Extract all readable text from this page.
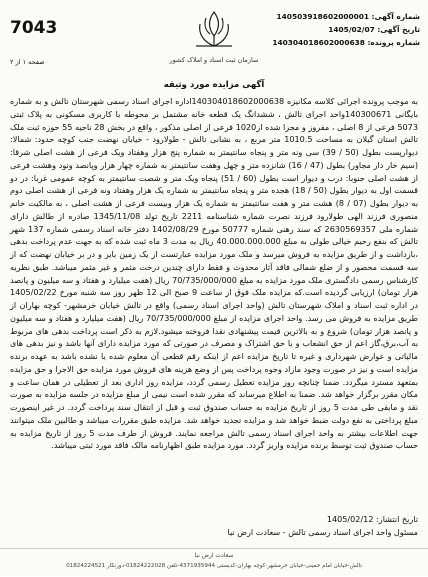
7043
صفحه ۱ از ۲	سازمان ثبت اسناد و املاک کشور
شماره آگهی: 140503918602000001
تاریخ آگهی: 1405/02/07
شماره پرونده: 140304018602000638
آگهی مزایده مورد وثیقه
به موجب پرونده اجرائی کلاسه مکانیزه 140304018602000638اداره اجرای اسناد رسمی شهرستان تالش و به شماره بایگانی 140300671واحد اجرای تالش ، ششدانگ یک قطعه خانه مشتمل بر محوطه با کاربری مسکونی به پلاک ثبتی 5073 فرعی از 8 اصلی ، مفروز و مجزا شده از1020 فرعی از اصلی مذکور ، واقع در بخش 28 ناحیه 55 حوزه ثبت ملک تالش استان گیلان به مساحت 1010.5 متر مربع ، به نشانی تالش - طولارود - خیابان نهضت جنب کوچه حدود: شمالا: دیوارپست بطول (50 / 39) سی ونه متر و پنجاه سانتیمتر به شماره پنج هزار وهفتاد ویک فرعی از هشت اصلی شرقا: (سیم خار دار مجاور) بطول (47 / 16) شانزده متر و چهل وهفت سانتیمتر به شماره چهار هزار وپانصد ونود وهشت فرعی از هشت اصلی جنوبا: درب و دیوار است بطول (60 / 51) پنجاه ویک متر و شصت سانتیمتر به کوچه عمومی غربا: در دو قسمت اول به دیوار بطول (50 / 18) هجده متر و پنجاه سانتیمتر به شماره یک هزار وهفتاد ونه فرعی از هشت اصلی دوم به دیوار بطول (07 / 8) هشت متر و هفت سانتیمتر به شماره یک هزار وبیست فرعی از هشت اصلی ، به مالکیت خانم منصوری فرزند الهی طولارود فرزند نصرت شماره شناسنامه 2211 تاریخ تولد 1345/11/08 صادره از طالش دارای شماره ملی 2630569357 که سند رهنی شماره 50777 مورخ 1402/08/29 دفتر خانه اسناد رسمی شماره 137 شهر تالش که بنفع رحیم خیالی طولی به مبلغ 40.000.000.000 ریال به مدت 3 ماه ثبت شده که به جهت عدم پرداخت بدهی ،بازداشت و از طریق مزایده به فروش میرسد و ملک مورد مزایده عبارتست از یک زمین بایر و در بر خیابان نهضت که از سه قسمت محصور و از ضلع شمالی فاقد آثار محدوث و فقط دارای چندین درخت مثمر و غیر مثمر میباشد. طبق نظریه کارشناس رسمی دادگستری ملک مورد مزایده به مبلغ 70/735/000/000 ریال (هفت میلیارد و هفتاد و سه میلیون و پانصد هزار تومان) ارزیابی گردیده است.که مزایده ملک فوق از ساعت 9 صبح الی 12 ظهر روز سه شنبه مورخ 1405/02/22 در اداره ثبت اسناد و املاک شهرستان تالش (واحد اجرای اسناد رسمی) واقع در تالش خیابان خرمشهر- کوچه بهاران از طریق مزایده به فروش می رسد. واحد اجرای مزایده از مبلغ 70/735/000/000 ریال (هفت میلیارد و هفتاد و سه میلیون و پانصد هزار تومان) شروع و به بالاترین قیمت پیشنهادی نقدا فروخته میشود.لازم به ذکر است پرداخت بدهی های مربوط به آب،برق،گاز اعم از حق انشعاب و یا حق اشتراک و مصرف در صورتی که مورد مزایده دارای آنها باشد و نیز بدهی های مالیاتی و عوارض شهرداری و غیره تا تاریخ مزایده اعم از اینکه رقم قطعی آن معلوم شده یا نشده باشد به عهده برنده مزایده است و نیز در صورت وجود مازاد وجوه پرداخت پس از وضع هزینه های فروش مورد مزایده حق الاجرا و حق مزایده بمتعهد مسترد میگردد. ضمنا چنانچه روز مزایده تعطیل رسمی گردد، مزایده روز اداری بعد از تعطیلی در همان ساعت و مکان مقرر برگزار خواهد شد. ضمنا به اطلاع میرساند که مقرر شده است نیمی از مبلغ مزایده در جلسه مزایده به صورت نقد و مابقی طی مدت 5 روز از تاریخ مزایده به حساب صندوق ثبت و قبل از انتقال سند پرداخت گردد. در غیر اینصورت مبلغ پرداختی به نفع دولت ضبط خواهد شد و مزایده تجدید خواهد شد. مزایده طبق مقررات میباشد و طالبین ملک میتوانند جهت اطلاعات بیشتر به واحد اجرای اسناد رسمی تالش مراجعه نمایند. فروش از طرف مدت 5 روز از تاریخ مزایده به حساب صندوق ثبت توسط برنده مزایده واریز گردد. مورد مزایده طبق اظهارنامه مالک فاقد مورد ثبتی میباشد.
تاریخ انتشار: 1405/02/12
مسئول واحد اجرای اسناد رسمی تالش - سعادت ارض نیا
سعادت ارض نیا
تالش-خیابان امام خمینی-خیابان خرمشهر-کوچه بهاران-کدپستی 4371935944-تلفن 01824222028-دورنگار 01824224521
